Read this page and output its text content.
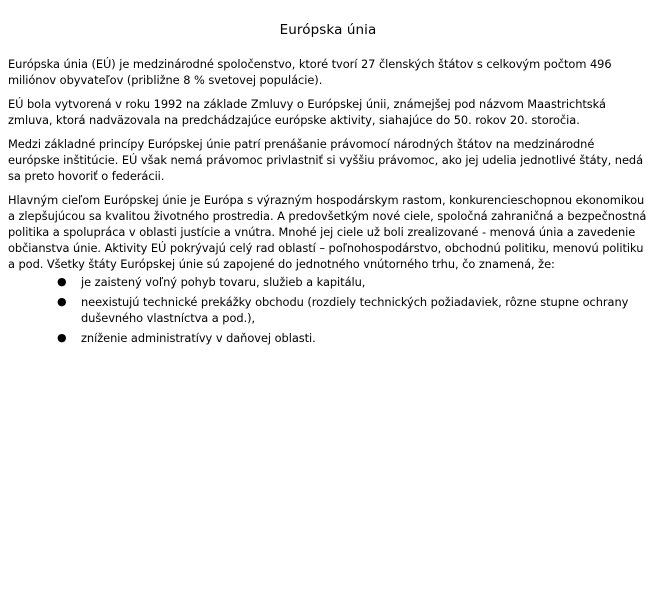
Európska únia

Európska únia (EÚ) je medzinárodné spoločenstvo, ktoré tvorí 27 členských štátov s celkovým počtom 496 miliónov obyvateľov (približne 8 % svetovej populácie).

EÚ bola vytvorená v roku 1992 na základe Zmluvy o Európskej únii, známejšej pod názvom Maastrichtská zmluva, ktorá nadväzovala na predchádzajúce európske aktivity, siahajúce do 50. rokov 20. storočia.

Medzi základné princípy Európskej únie patrí prenášanie právomocí národných štátov na medzinárodné európske inštitúcie. EÚ však nemá právomoc privlastniť si vyššiu právomoc, ako jej udelia jednotlivé štáty, nedá sa preto hovoriť o federácii.

Hlavným cieľom Európskej únie je Európa s výrazným hospodárskym rastom, konkurencieschopnou ekonomikou a zlepšujúcou sa kvalitou životného prostredia. A predovšetkým nové ciele, spoločná zahraničná a bezpečnostná politika a spolupráca v oblasti justície a vnútra. Mnohé jej ciele už boli zrealizované - menová únia a zavedenie občianstva únie. Aktivity EÚ pokrývajú celý rad oblastí – poľnohospodárstvo, obchodnú politiku, menovú politiku a pod. Všetky štáty Európskej únie sú zapojené do jednotného vnútorného trhu, čo znamená, že:

● je zaistený voľný pohyb tovaru, služieb a kapitálu,
● neexistujú technické prekážky obchodu (rozdiely technických požiadaviek, rôzne stupne ochrany duševného vlastníctva a pod.),
● zníženie administratívy v daňovej oblasti.
